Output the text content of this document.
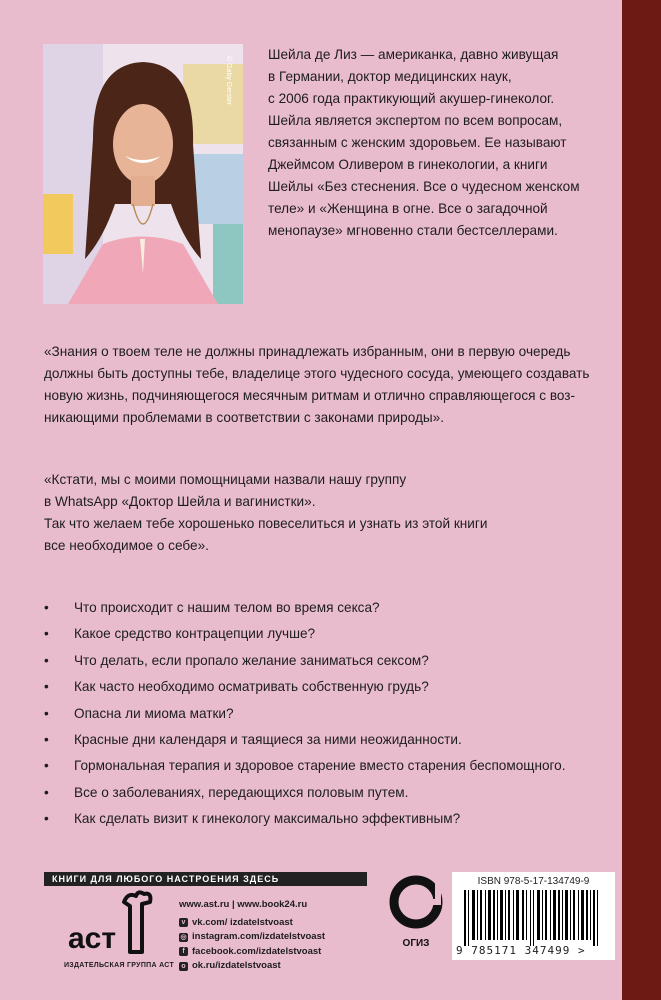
© Gaby Gerster

Шейла де Лиз — американка, давно живущая

в Германии, доктор медицинских наук,

с 2006 года практикующий акушер-гинеколог.

Шейла является экспертом по всем вопросам,

связанным с женским здоровьем. Ее называют

Джеймсом Оливером в гинекологии, а книги

Шейлы «Без стеснения. Все о чудесном женском

теле» и «Женщина в огне. Все о загадочной

менопаузе» мгновенно стали бестселлерами.

«Знания о твоем теле не должны принадлежать избранным, они в первую очередь

должны быть доступны тебе, владелице этого чудесного сосуда, умеющего создавать

новую жизнь, подчиняющегося месячным ритмам и отлично справляющегося с воз-

никающими проблемами в соответствии с законами природы».

«Кстати, мы с моими помощницами назвали нашу группу

в WhatsApp «Доктор Шейла и вагинистки».

Так что желаем тебе хорошенько повеселиться и узнать из этой книги

все необходимое о себе».

• Что происходит с нашим телом во время секса?
• Какое средство контрацепции лучше?
• Что делать, если пропало желание заниматься сексом?
• Как часто необходимо осматривать собственную грудь?
• Опасна ли миома матки?
• Красные дни календаря и таящиеся за ними неожиданности.
• Гормональная терапия и здоровое старение вместо старения беспомощного.
• Все о заболеваниях, передающихся половым путем.
• Как сделать визит к гинекологу максимально эффективным?
КНИГИ ДЛЯ ЛЮБОГО НАСТРОЕНИЯ ЗДЕСЬ
аст
ИЗДАТЕЛЬСКАЯ ГРУППА АСТ
www.ast.ru | www.book24.ru
v vk.com/ izdatelstvoast
◎ instagram.com/izdatelstvoast
f facebook.com/izdatelstvoast
o ok.ru/izdatelstvoast
ОГИЗ
ISBN 978-5-17-134749-9
9 785171 347499 >
